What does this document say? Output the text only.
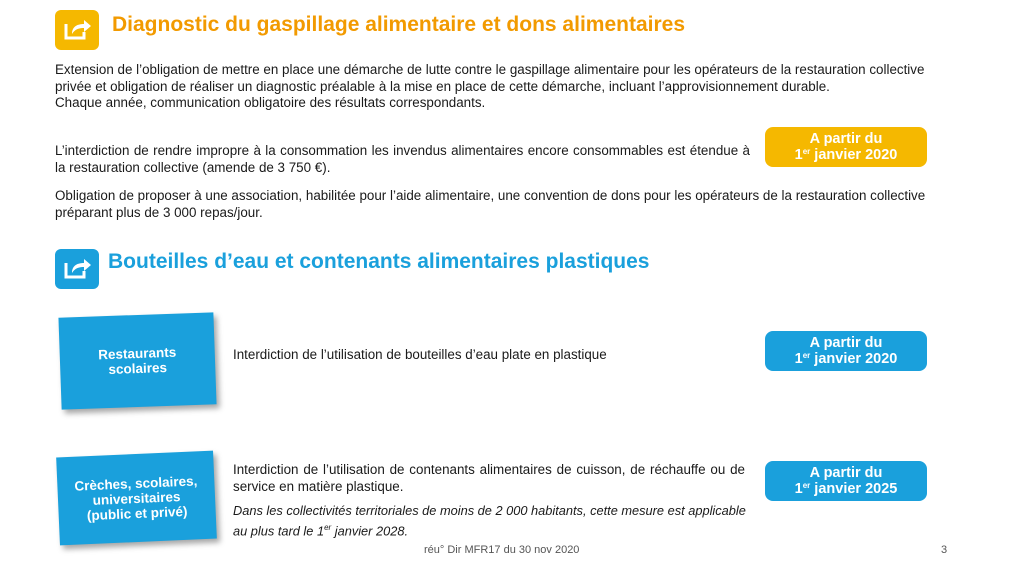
Diagnostic du gaspillage alimentaire et dons alimentaires
Extension de l’obligation de mettre en place une démarche de lutte contre le gaspillage alimentaire pour les opérateurs de la restauration collective privée et obligation de réaliser un diagnostic préalable à la mise en place de cette démarche, incluant l’approvisionnement durable.
Chaque année, communication obligatoire des résultats correspondants.
L’interdiction de rendre impropre à la consommation les invendus alimentaires encore consommables est étendue à la restauration collective (amende de 3 750 €).
A partir du
1er janvier 2020
Obligation de proposer à une association, habilitée pour l’aide alimentaire, une convention de dons pour les opérateurs de la restauration collective préparant plus de 3 000 repas/jour.
Bouteilles d’eau et contenants alimentaires plastiques
Restaurants
scolaires
Interdiction de l’utilisation de bouteilles d’eau plate en plastique
A partir du
1er janvier 2020
Crèches, scolaires,
universitaires
(public et privé)
Interdiction de l’utilisation de contenants alimentaires de cuisson, de réchauffe ou de service en matière plastique.
Dans les collectivités territoriales de moins de 2 000 habitants, cette mesure est applicable au plus tard le 1er janvier 2028.
A partir du
1er janvier 2025
réu° Dir MFR17 du 30 nov 2020	3
